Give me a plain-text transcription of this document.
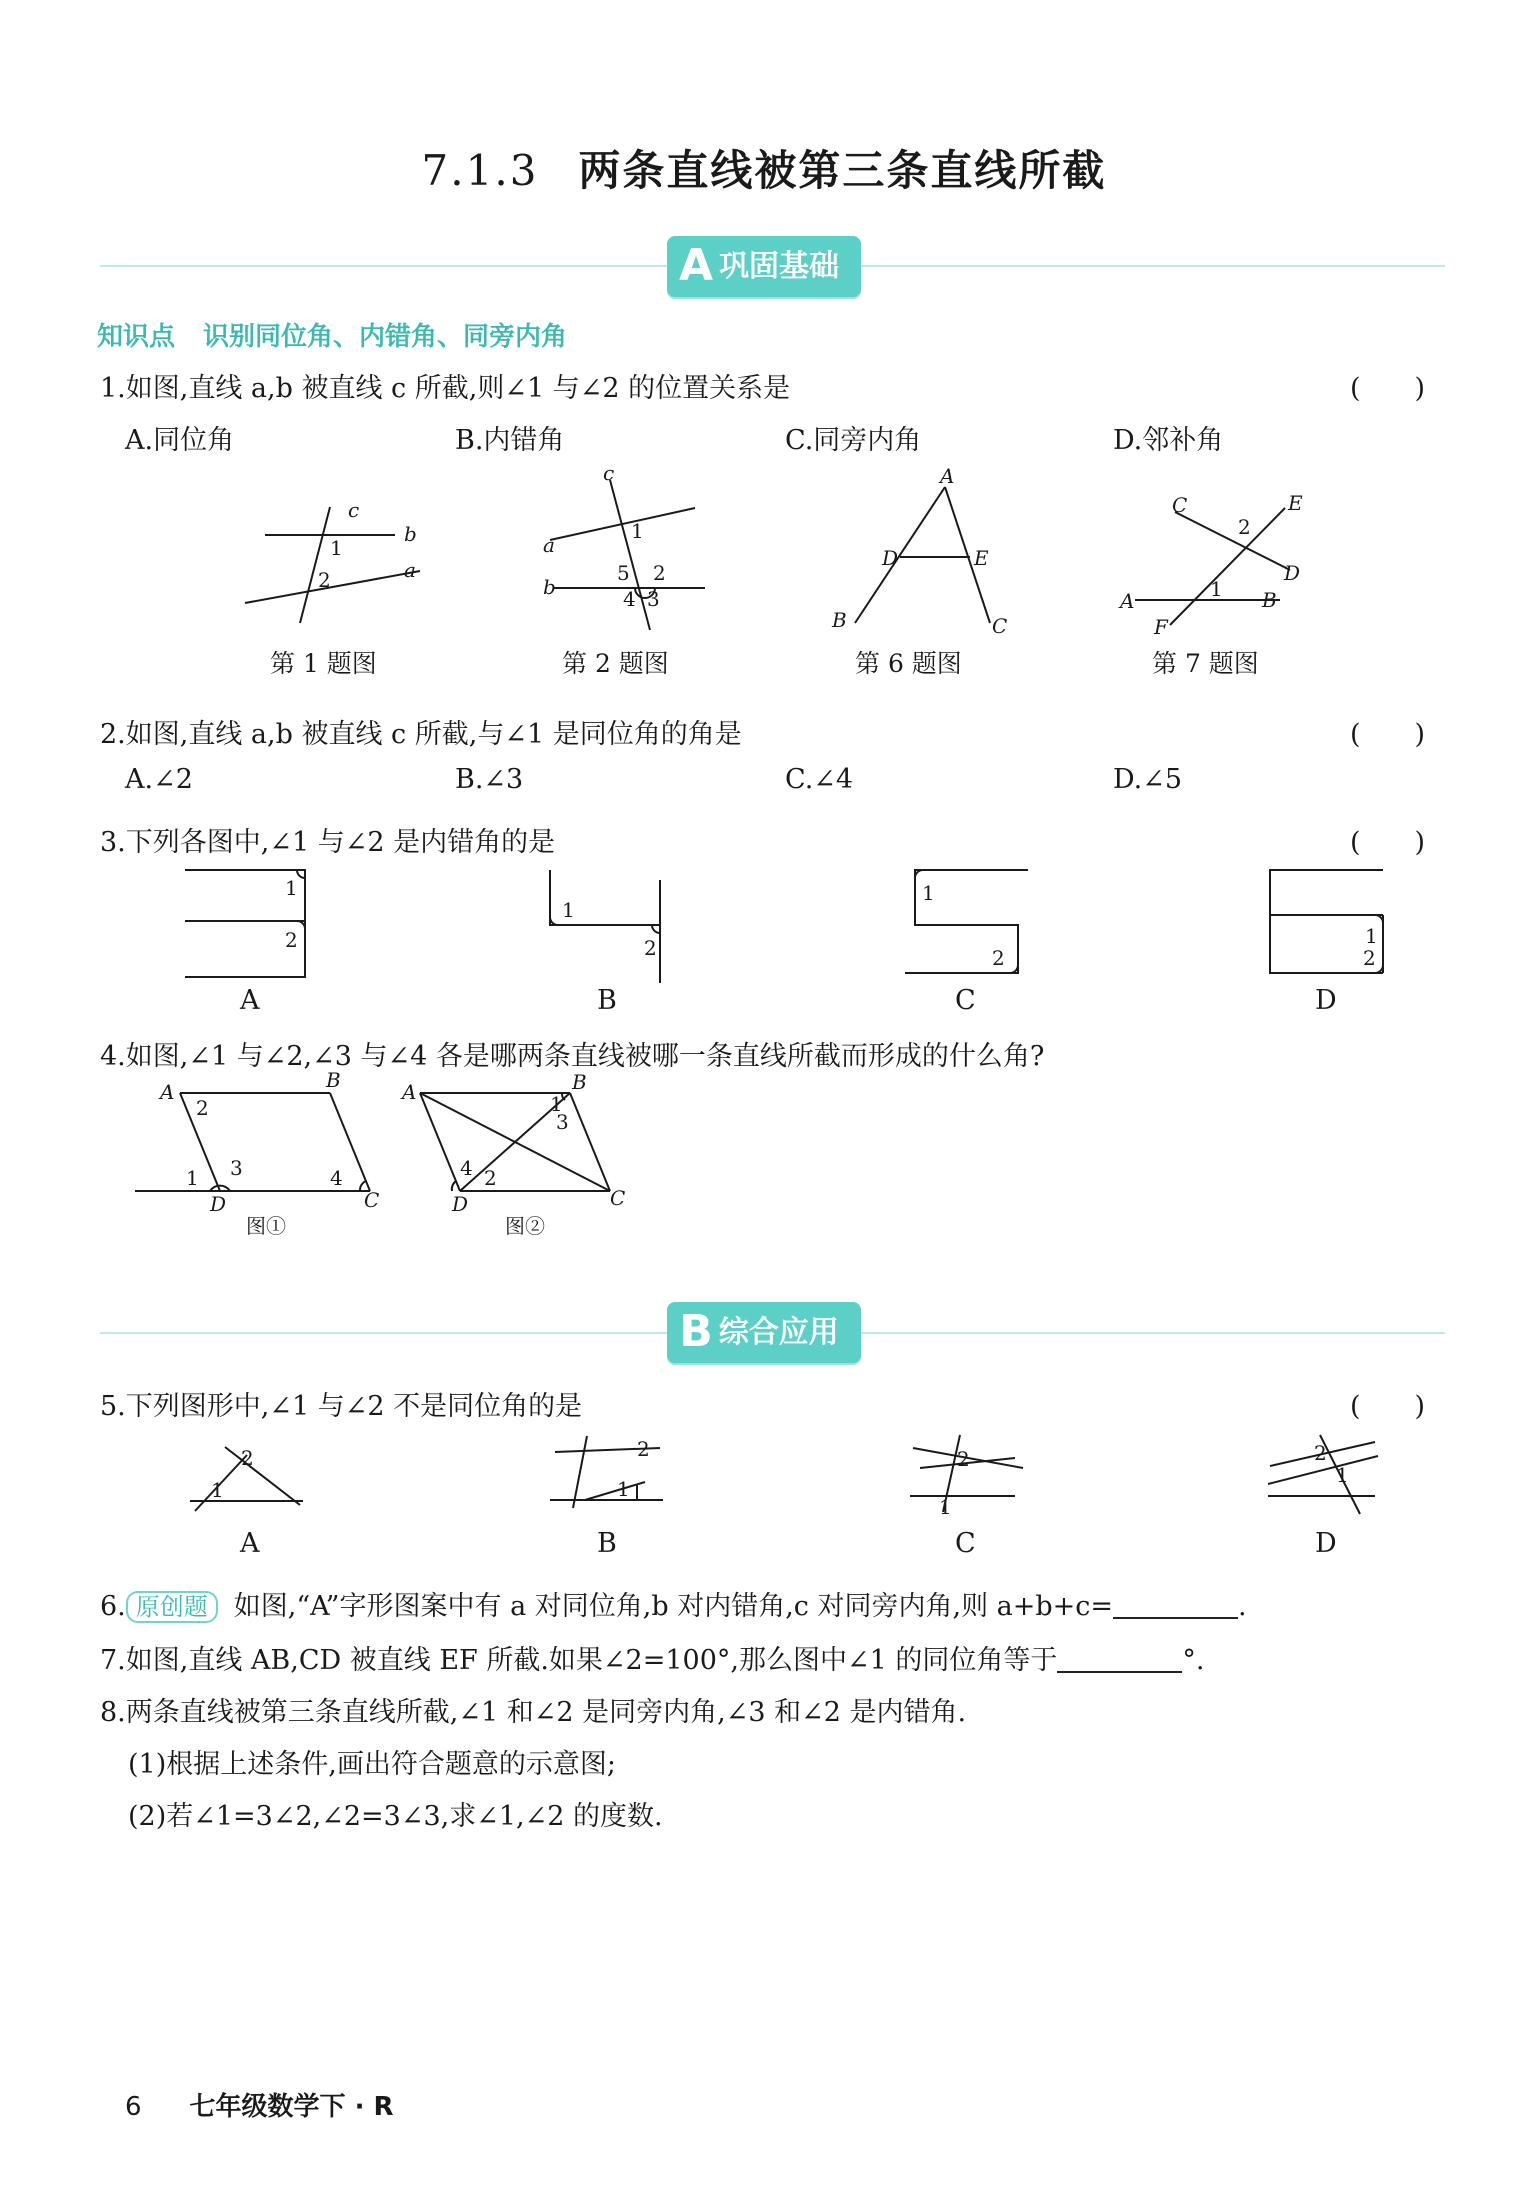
7.1.3 两条直线被第三条直线所截
A 巩固基础
知识点 识别同位角、内错角、同旁内角
1.如图,直线 a,b 被直线 c 所截,则∠1 与∠2 的位置关系是	(　　)
A.同位角	B.内错角	C.同旁内角	D.邻补角
c
b
a
1
2
第 1 题图
c
a
b
1
5 2
4 3
第 2 题图
A
D	E
B	C
第 6 题图
A	B
C
D
E
F
2
1
第 7 题图
2.如图,直线 a,b 被直线 c 所截,与∠1 是同位角的角是	(　　)
A.∠2	B.∠3	C.∠4	D.∠5
3.下列各图中,∠1 与∠2 是内错角的是	(　　)
1
2
A
1
2
B
1
2
C
1
2
D
4.如图,∠1 与∠2,∠3 与∠4 各是哪两条直线被哪一条直线所截而形成的什么角?
A	B
D	C
2
1 3	4
图①
A	B
D	C
1
3
4 2
图②
B 综合应用
5.下列图形中,∠1 与∠2 不是同位角的是	(　　)
2
1
A
2
1
B
2
1
C
2
1
D
6. 原创题 如图,“A”字形图案中有 a 对同位角,b 对内错角,c 对同旁内角,则 a+b+c=	.
7.如图,直线 AB,CD 被直线 EF 所截.如果∠2=100°,那么图中∠1 的同位角等于	°.
8.两条直线被第三条直线所截,∠1 和∠2 是同旁内角,∠3 和∠2 是内错角.
(1)根据上述条件,画出符合题意的示意图;
(2)若∠1=3∠2,∠2=3∠3,求∠1,∠2 的度数.
6 七年级数学下 · R
